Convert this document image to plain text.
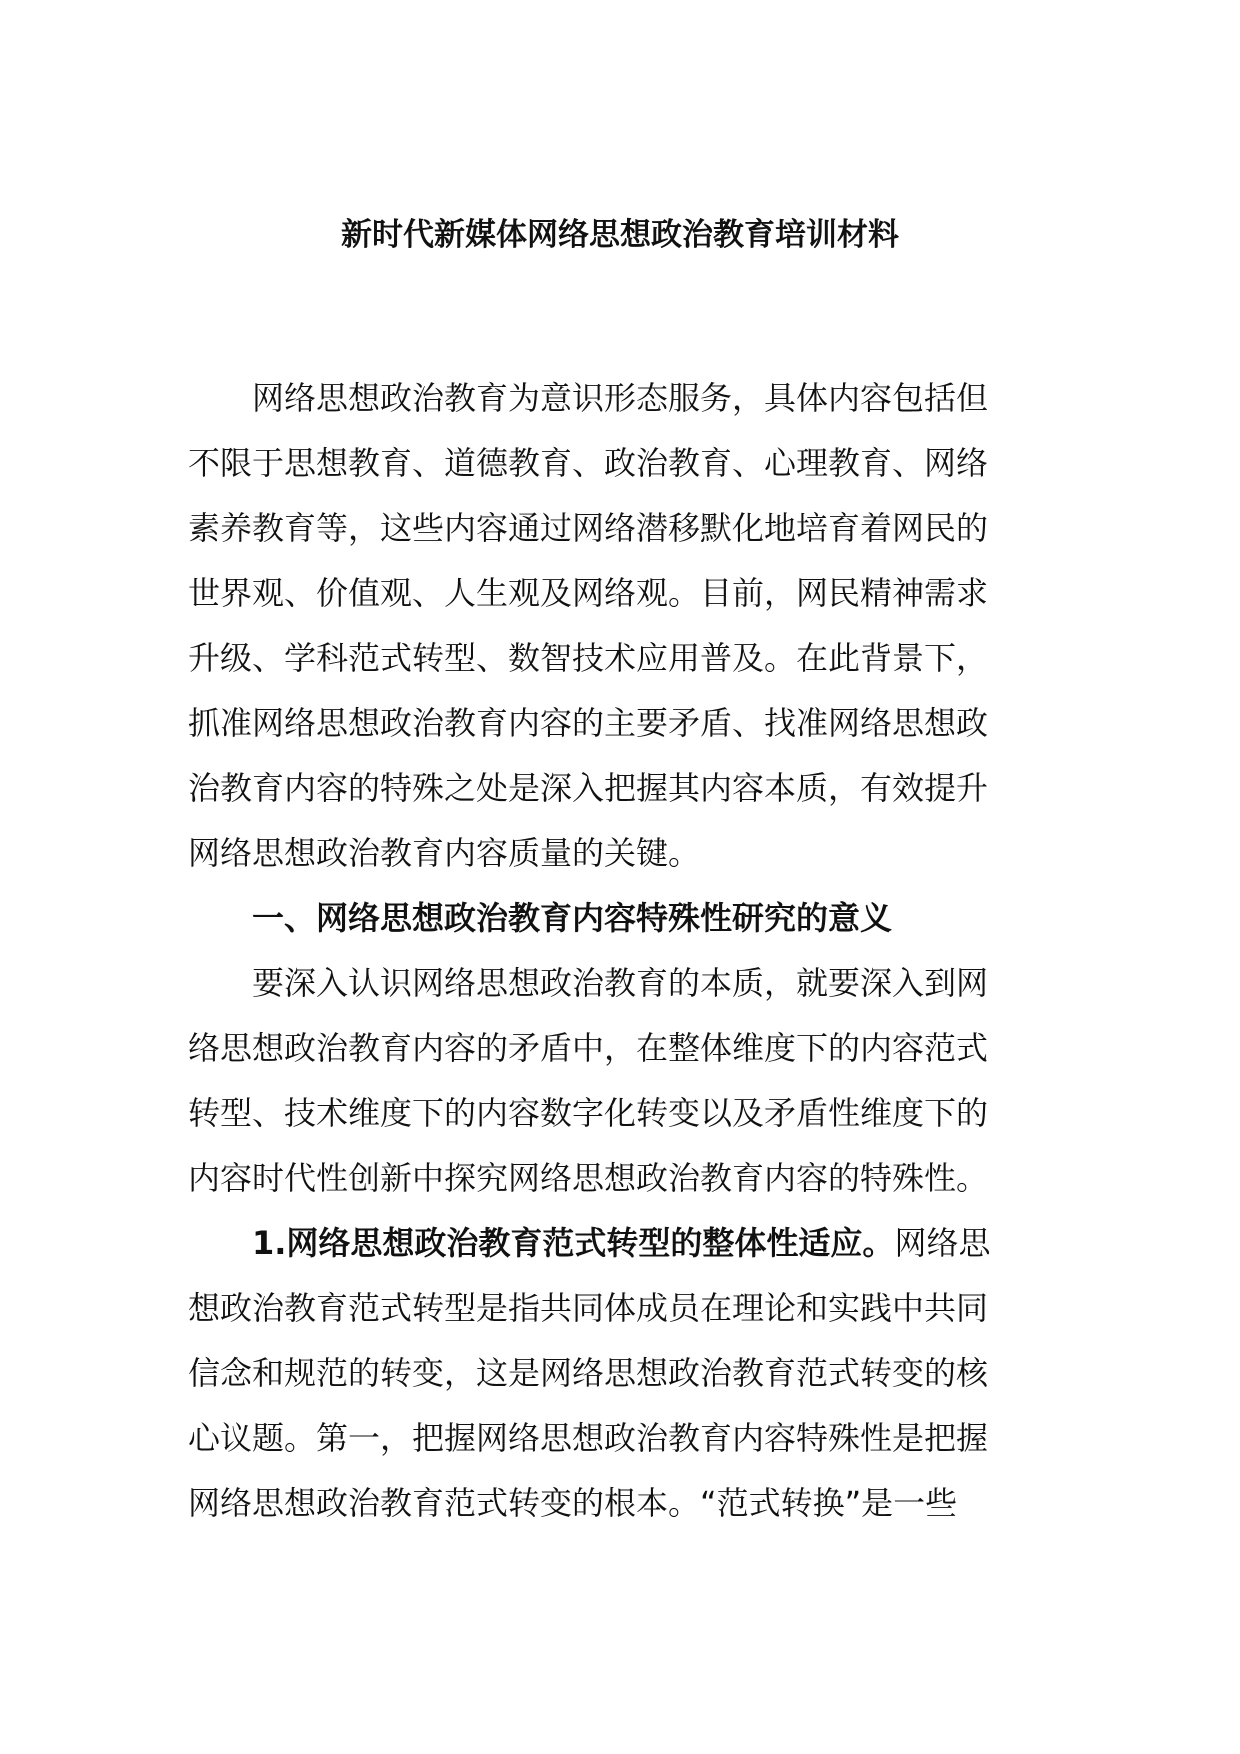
新时代新媒体网络思想政治教育培训材料

网络思想政治教育为意识形态服务，具体内容包括但
不限于思想教育、道德教育、政治教育、心理教育、网络
素养教育等，这些内容通过网络潜移默化地培育着网民的
世界观、价值观、人生观及网络观。目前，网民精神需求
升级、学科范式转型、数智技术应用普及。在此背景下，
抓准网络思想政治教育内容的主要矛盾、找准网络思想政
治教育内容的特殊之处是深入把握其内容本质，有效提升
网络思想政治教育内容质量的关键。

一、网络思想政治教育内容特殊性研究的意义

要深入认识网络思想政治教育的本质，就要深入到网
络思想政治教育内容的矛盾中，在整体维度下的内容范式
转型、技术维度下的内容数字化转变以及矛盾性维度下的
内容时代性创新中探究网络思想政治教育内容的特殊性。

1.网络思想政治教育范式转型的整体性适应。网络思
想政治教育范式转型是指共同体成员在理论和实践中共同
信念和规范的转变，这是网络思想政治教育范式转变的核
心议题。第一，把握网络思想政治教育内容特殊性是把握
网络思想政治教育范式转变的根本。“范式转换”是一些
